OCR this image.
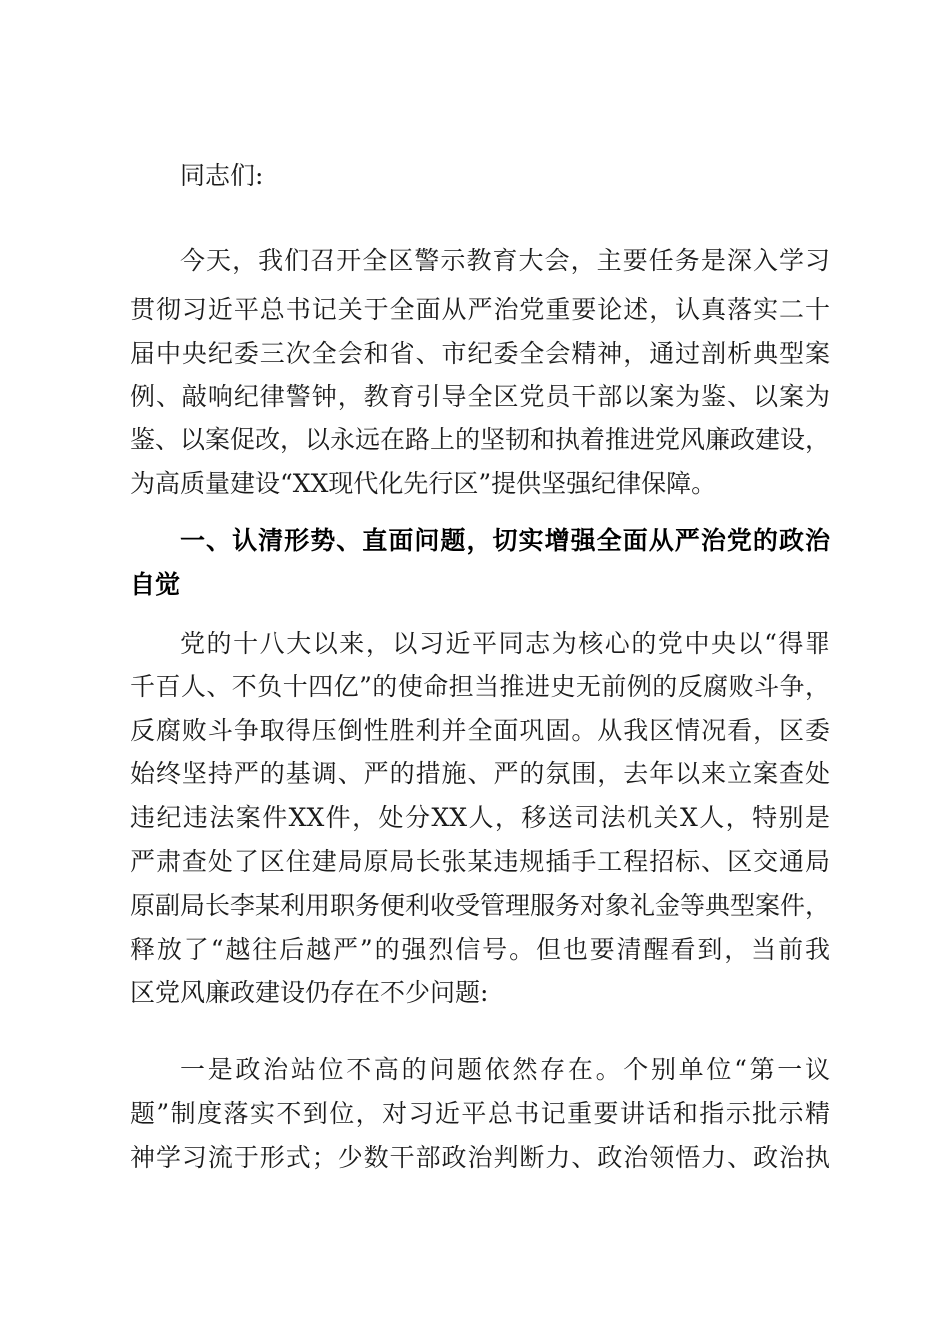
同志们:
今天，我们召开全区警示教育大会，主要任务是深入学习
贯彻习近平总书记关于全面从严治党重要论述，认真落实二十
届中央纪委三次全会和省、市纪委全会精神，通过剖析典型案
例、敲响纪律警钟，教育引导全区党员干部以案为鉴、以案为
鉴、以案促改，以永远在路上的坚韧和执着推进党风廉政建设，
为高质量建设“XX现代化先行区”提供坚强纪律保障。
一、认清形势、直面问题，切实增强全面从严治党的政治
自觉
党的十八大以来，以习近平同志为核心的党中央以“得罪
千百人、不负十四亿”的使命担当推进史无前例的反腐败斗争，
反腐败斗争取得压倒性胜利并全面巩固。从我区情况看，区委
始终坚持严的基调、严的措施、严的氛围，去年以来立案查处
违纪违法案件XX件，处分XX人，移送司法机关X人，特别是
严肃查处了区住建局原局长张某违规插手工程招标、区交通局
原副局长李某利用职务便利收受管理服务对象礼金等典型案件，
释放了“越往后越严”的强烈信号。但也要清醒看到，当前我
区党风廉政建设仍存在不少问题:
一是政治站位不高的问题依然存在。个别单位“第一议
题”制度落实不到位，对习近平总书记重要讲话和指示批示精
神学习流于形式；少数干部政治判断力、政治领悟力、政治执
